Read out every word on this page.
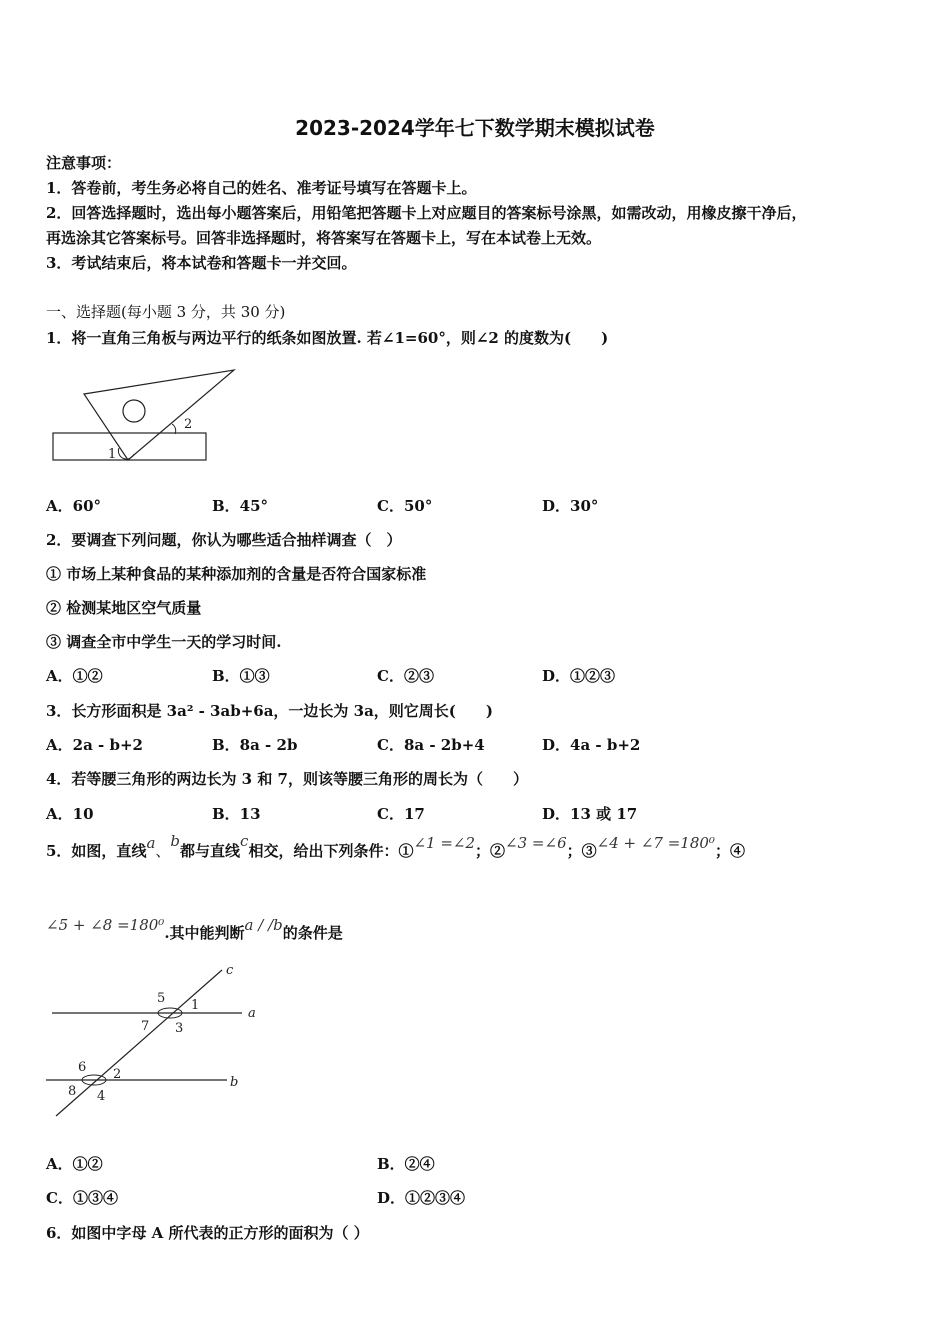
2023-2024学年七下数学期末模拟试卷
注意事项：
1．答卷前，考生务必将自己的姓名、准考证号填写在答题卡上。
2．回答选择题时，选出每小题答案后，用铅笔把答题卡上对应题目的答案标号涂黑，如需改动，用橡皮擦干净后，
再选涂其它答案标号。回答非选择题时，将答案写在答题卡上，写在本试卷上无效。
3．考试结束后，将本试卷和答题卡一并交回。
一、选择题(每小题 3 分，共 30 分)
1．将一直角三角板与两边平行的纸条如图放置. 若∠1=60°，则∠2 的度数为(　　)
1
2
A．60°	B．45°	C．50°	D．30°
2．要调查下列问题，你认为哪些适合抽样调查（　）
① 市场上某种食品的某种添加剂的含量是否符合国家标准
② 检测某地区空气质量
③ 调查全市中学生一天的学习时间.
A．①②	B．①③	C．②③	D．①②③
3．长方形面积是 3a² - 3ab+6a，一边长为 3a，则它周长(　　)
A．2a - b+2	B．8a - 2b	C．8a - 2b+4	D．4a - b+2
4．若等腰三角形的两边长为 3 和 7，则该等腰三角形的周长为（　　）
A．10	B．13	C．17	D．13 或 17
5．如图，直线a、b都与直线c相交，给出下列条件：①∠1 =∠2；②∠3 =∠6；③∠4 + ∠7 =180⁰；④
∠5 + ∠8 =180⁰.其中能判断a / /b的条件是
c
5 1
7 3
a
6 2
8 4
b
A．①②	B．②④
C．①③④	D．①②③④
6．如图中字母 A 所代表的正方形的面积为（ ）
